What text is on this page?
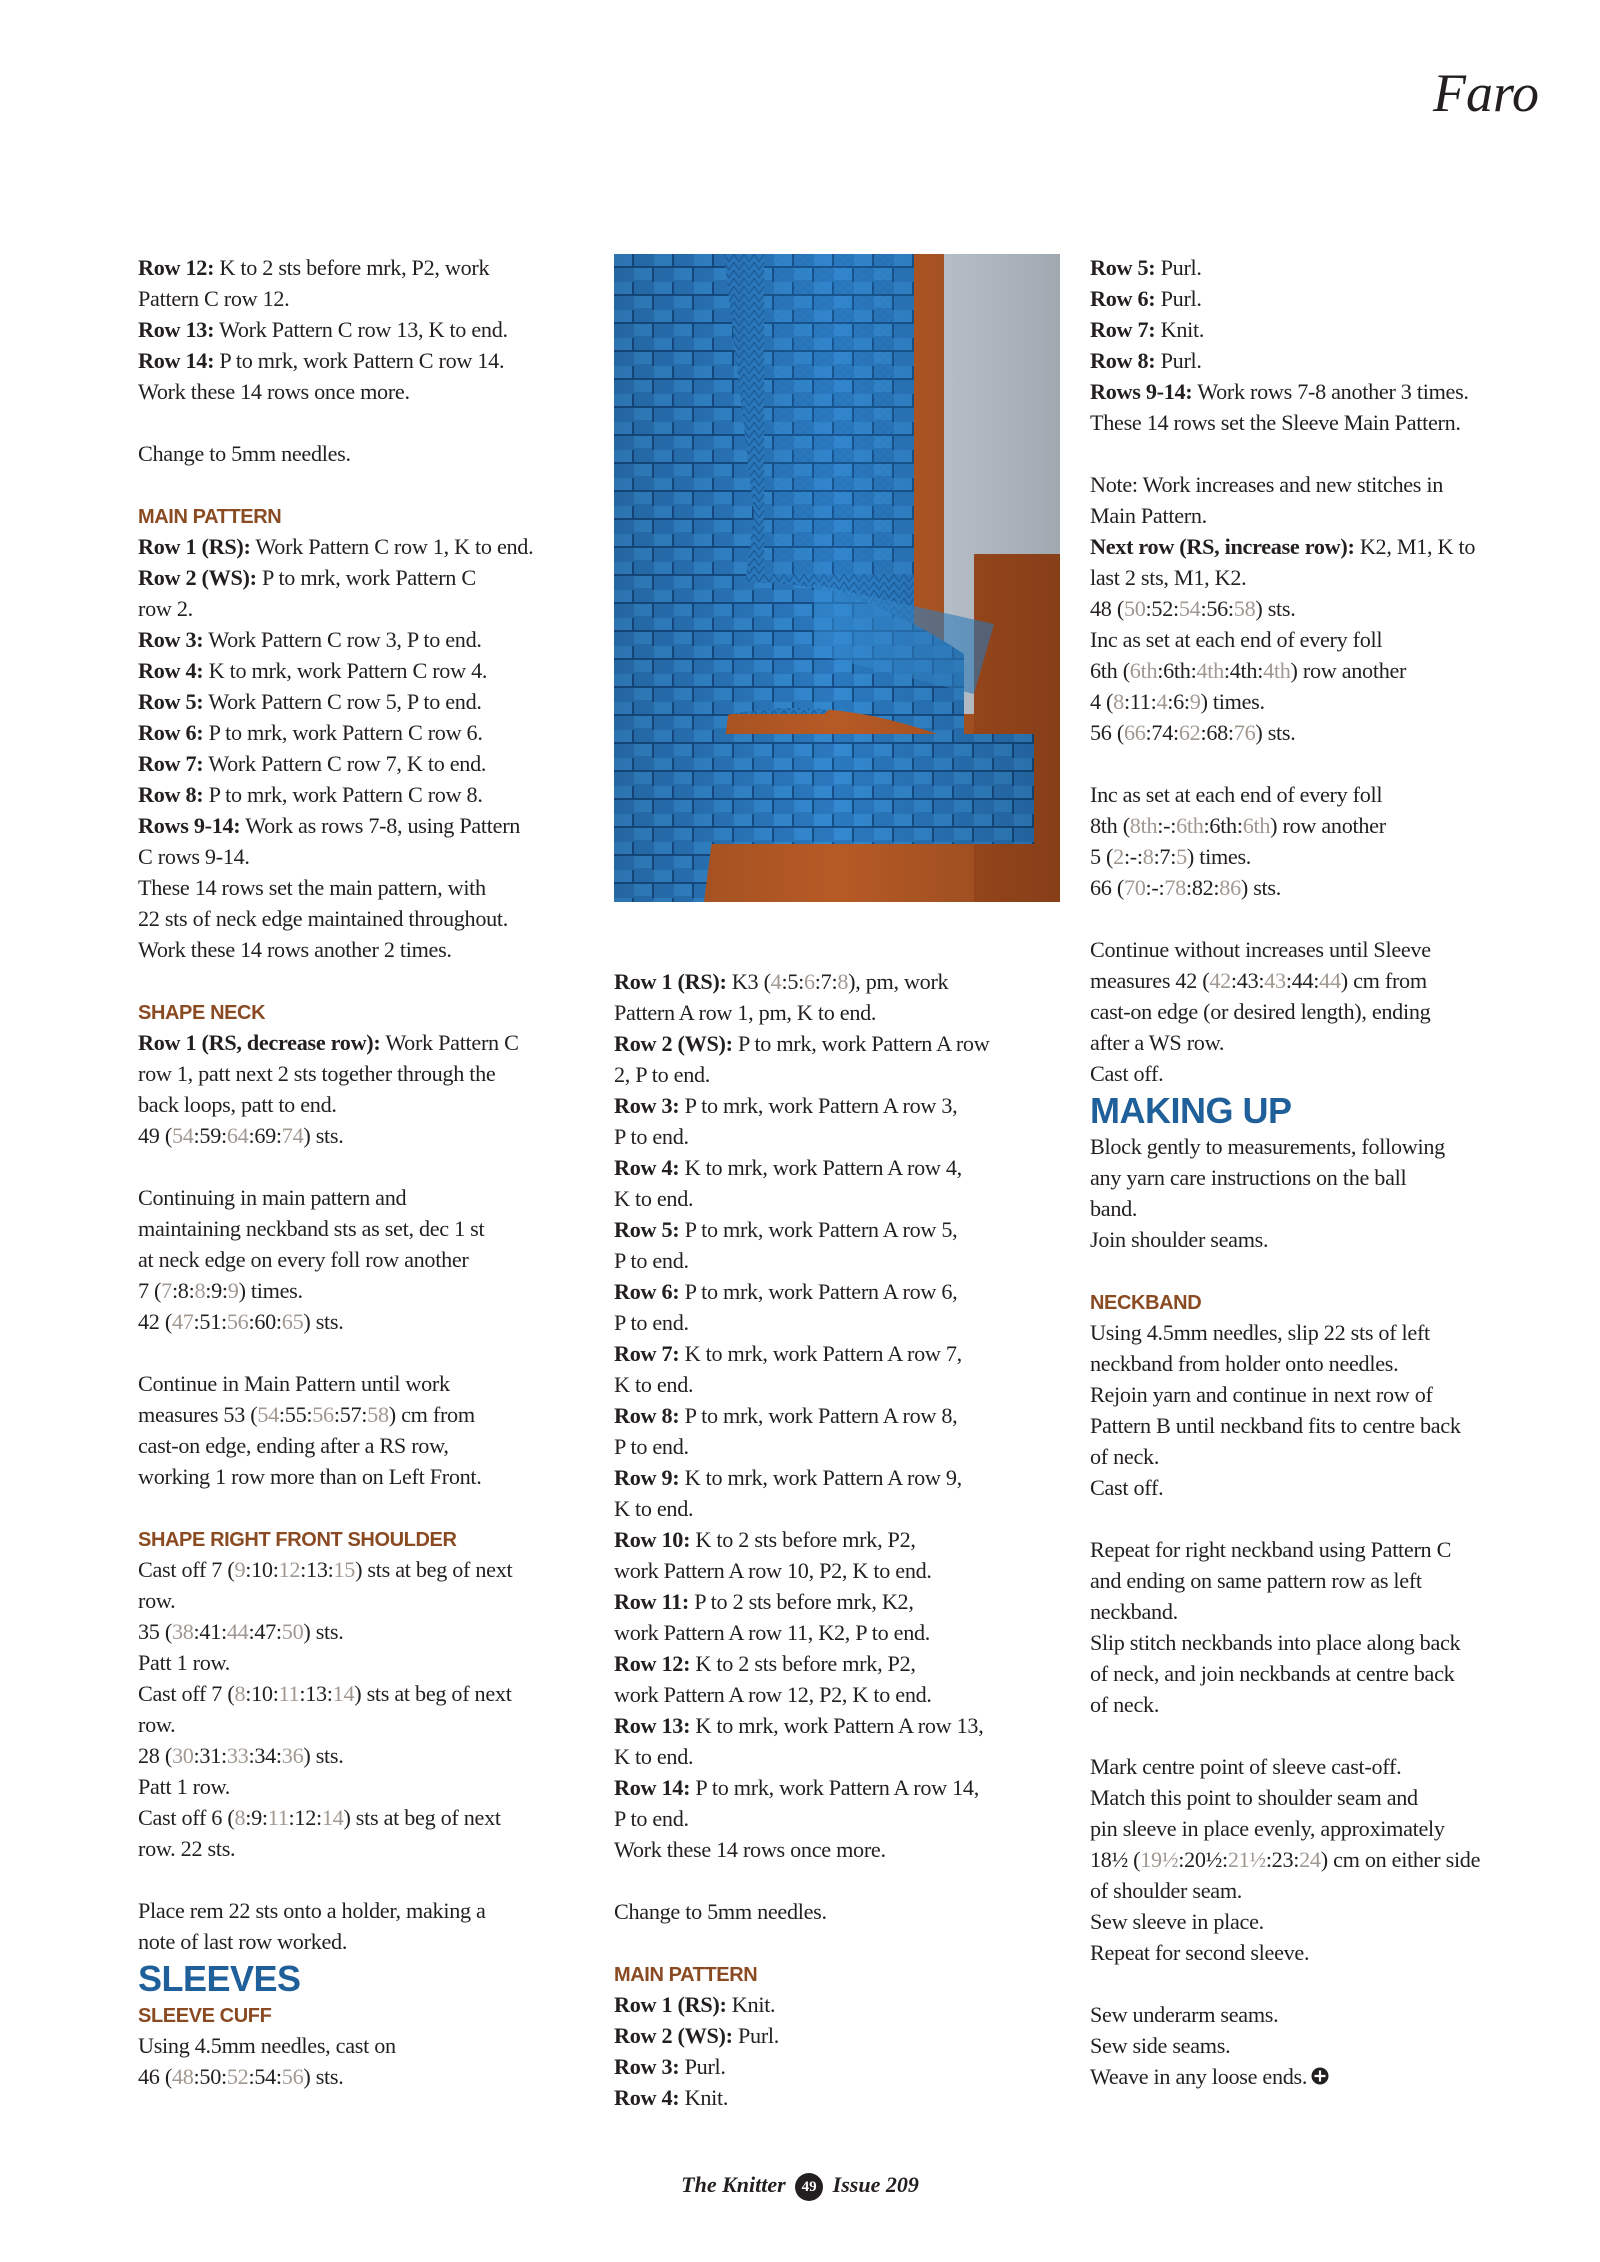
Faro
Row 12: K to 2 sts before mrk, P2, work
Pattern C row 12.
Row 13: Work Pattern C row 13, K to end.
Row 14: P to mrk, work Pattern C row 14.
Work these 14 rows once more.
Change to 5mm needles.
MAIN PATTERN
Row 1 (RS): Work Pattern C row 1, K to end.
Row 2 (WS): P to mrk, work Pattern C
row 2.
Row 3: Work Pattern C row 3, P to end.
Row 4: K to mrk, work Pattern C row 4.
Row 5: Work Pattern C row 5, P to end.
Row 6: P to mrk, work Pattern C row 6.
Row 7: Work Pattern C row 7, K to end.
Row 8: P to mrk, work Pattern C row 8.
Rows 9-14: Work as rows 7-8, using Pattern
C rows 9-14.
These 14 rows set the main pattern, with
22 sts of neck edge maintained throughout.
Work these 14 rows another 2 times.
SHAPE NECK
Row 1 (RS, decrease row): Work Pattern C
row 1, patt next 2 sts together through the
back loops, patt to end.
49 (54:59:64:69:74) sts.
Continuing in main pattern and
maintaining neckband sts as set, dec 1 st
at neck edge on every foll row another
7 (7:8:8:9:9) times.
42 (47:51:56:60:65) sts.
Continue in Main Pattern until work
measures 53 (54:55:56:57:58) cm from
cast-on edge, ending after a RS row,
working 1 row more than on Left Front.
SHAPE RIGHT FRONT SHOULDER
Cast off 7 (9:10:12:13:15) sts at beg of next
row.
35 (38:41:44:47:50) sts.
Patt 1 row.
Cast off 7 (8:10:11:13:14) sts at beg of next
row.
28 (30:31:33:34:36) sts.
Patt 1 row.
Cast off 6 (8:9:11:12:14) sts at beg of next
row. 22 sts.
Place rem 22 sts onto a holder, making a
note of last row worked.
SLEEVES
SLEEVE CUFF
Using 4.5mm needles, cast on
46 (48:50:52:54:56) sts.
Row 1 (RS): K3 (4:5:6:7:8), pm, work
Pattern A row 1, pm, K to end.
Row 2 (WS): P to mrk, work Pattern A row
2, P to end.
Row 3: P to mrk, work Pattern A row 3,
P to end.
Row 4: K to mrk, work Pattern A row 4,
K to end.
Row 5: P to mrk, work Pattern A row 5,
P to end.
Row 6: P to mrk, work Pattern A row 6,
P to end.
Row 7: K to mrk, work Pattern A row 7,
K to end.
Row 8: P to mrk, work Pattern A row 8,
P to end.
Row 9: K to mrk, work Pattern A row 9,
K to end.
Row 10: K to 2 sts before mrk, P2,
work Pattern A row 10, P2, K to end.
Row 11: P to 2 sts before mrk, K2,
work Pattern A row 11, K2, P to end.
Row 12: K to 2 sts before mrk, P2,
work Pattern A row 12, P2, K to end.
Row 13: K to mrk, work Pattern A row 13,
K to end.
Row 14: P to mrk, work Pattern A row 14,
P to end.
Work these 14 rows once more.
Change to 5mm needles.
MAIN PATTERN
Row 1 (RS): Knit.
Row 2 (WS): Purl.
Row 3: Purl.
Row 4: Knit.
Row 5: Purl.
Row 6: Purl.
Row 7: Knit.
Row 8: Purl.
Rows 9-14: Work rows 7-8 another 3 times.
These 14 rows set the Sleeve Main Pattern.
Note: Work increases and new stitches in
Main Pattern.
Next row (RS, increase row): K2, M1, K to
last 2 sts, M1, K2.
48 (50:52:54:56:58) sts.
Inc as set at each end of every foll
6th (6th:6th:4th:4th:4th) row another
4 (8:11:4:6:9) times.
56 (66:74:62:68:76) sts.
Inc as set at each end of every foll
8th (8th:-:6th:6th:6th) row another
5 (2:-:8:7:5) times.
66 (70:-:78:82:86) sts.
Continue without increases until Sleeve
measures 42 (42:43:43:44:44) cm from
cast-on edge (or desired length), ending
after a WS row.
Cast off.
MAKING UP
Block gently to measurements, following
any yarn care instructions on the ball
band.
Join shoulder seams.
NECKBAND
Using 4.5mm needles, slip 22 sts of left
neckband from holder onto needles.
Rejoin yarn and continue in next row of
Pattern B until neckband fits to centre back
of neck.
Cast off.
Repeat for right neckband using Pattern C
and ending on same pattern row as left
neckband.
Slip stitch neckbands into place along back
of neck, and join neckbands at centre back
of neck.
Mark centre point of sleeve cast-off.
Match this point to shoulder seam and
pin sleeve in place evenly, approximately
18½ (19½:20½:21½:23:24) cm on either side
of shoulder seam.
Sew sleeve in place.
Repeat for second sleeve.
Sew underarm seams.
Sew side seams.
Weave in any loose ends.
The Knitter 49 Issue 209
